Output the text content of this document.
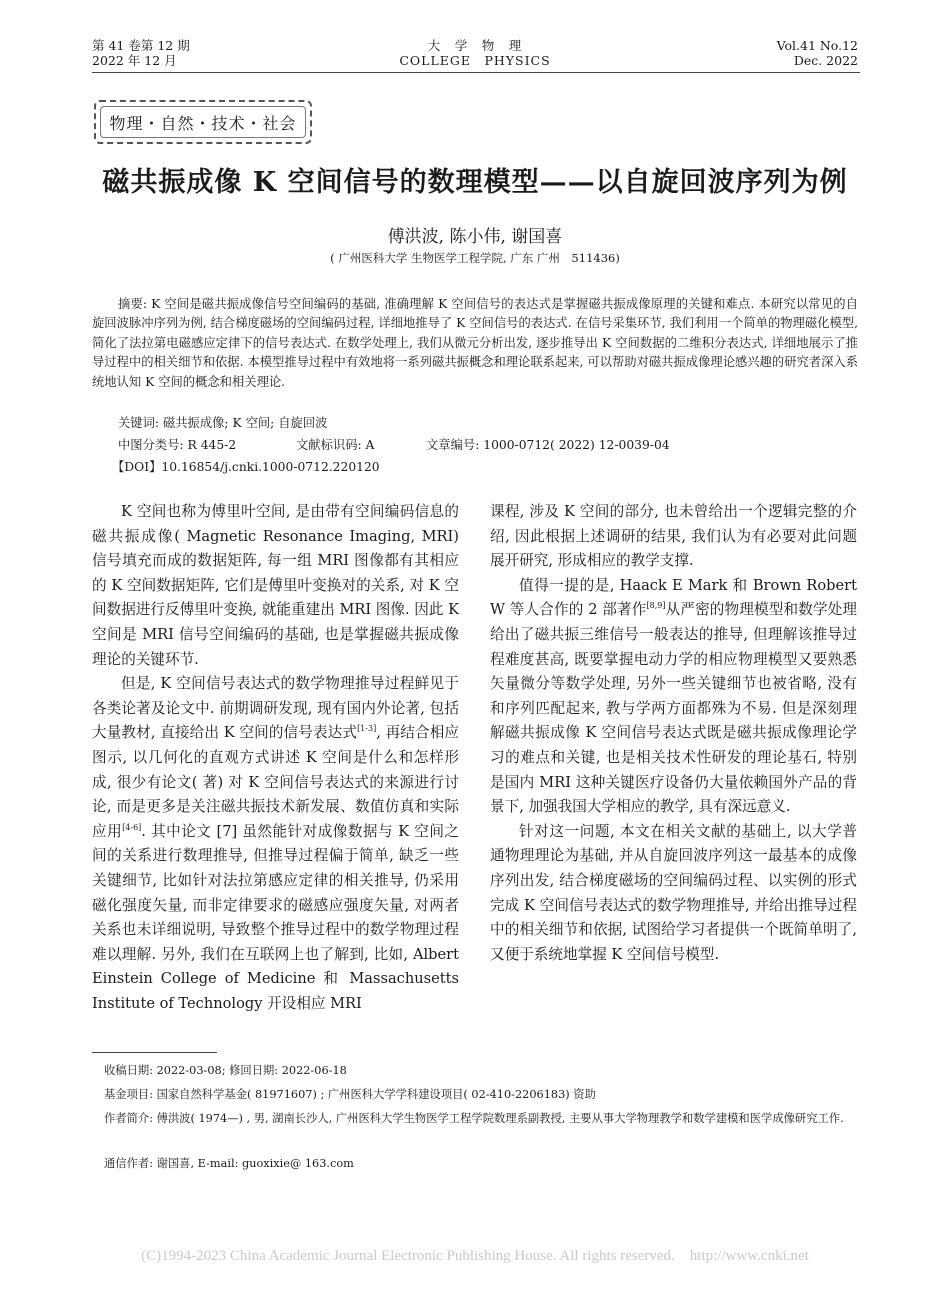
第 41 卷第 12 期
2022 年 12 月
大　学　物　理
COLLEGE　PHYSICS
Vol.41 No.12
Dec. 2022
物理・自然・技术・社会
磁共振成像 K 空间信号的数理模型——以自旋回波序列为例
傅洪波, 陈小伟, 谢国喜
( 广州医科大学 生物医学工程学院, 广东 广州　511436)

摘要: K 空间是磁共振成像信号空间编码的基础, 准确理解 K 空间信号的表达式是掌握磁共振成像原理的关键和难点. 本研究以常见的自旋回波脉冲序列为例, 结合梯度磁场的空间编码过程, 详细地推导了 K 空间信号的表达式. 在信号采集环节, 我们利用一个简单的物理磁化模型, 简化了法拉第电磁感应定律下的信号表达式. 在数学处理上, 我们从微元分析出发, 逐步推导出 K 空间数据的二维积分表达式, 详细地展示了推导过程中的相关细节和依据. 本模型推导过程中有效地将一系列磁共振概念和理论联系起来, 可以帮助对磁共振成像理论感兴趣的研究者深入系统地认知 K 空间的概念和相关理论.

关键词: 磁共振成像; K 空间; 自旋回波
中图分类号: R 445-2	文献标识码: A	文章编号: 1000-0712( 2022) 12-0039-04
【DOI】10.16854/j.cnki.1000-0712.220120

K 空间也称为傅里叶空间, 是由带有空间编码信息的磁共振成像( Magnetic Resonance Imaging, MRI) 信号填充而成的数据矩阵, 每一组 MRI 图像都有其相应的 K 空间数据矩阵, 它们是傅里叶变换对的关系, 对 K 空间数据进行反傅里叶变换, 就能重建出 MRI 图像. 因此 K 空间是 MRI 信号空间编码的基础, 也是掌握磁共振成像理论的关键环节.

但是, K 空间信号表达式的数学物理推导过程鲜见于各类论著及论文中. 前期调研发现, 现有国内外论著, 包括大量教材, 直接给出 K 空间的信号表达式[1-3], 再结合相应图示, 以几何化的直观方式讲述 K 空间是什么和怎样形成, 很少有论文( 著) 对 K 空间信号表达式的来源进行讨论, 而是更多是关注磁共振技术新发展、数值仿真和实际应用[4-6]. 其中论文 [7] 虽然能针对成像数据与 K 空间之间的关系进行数理推导, 但推导过程偏于简单, 缺乏一些关键细节, 比如针对法拉第感应定律的相关推导, 仍采用磁化强度矢量, 而非定律要求的磁感应强度矢量, 对两者关系也未详细说明, 导致整个推导过程中的数学物理过程难以理解. 另外, 我们在互联网上也了解到, 比如, Albert Einstein College of Medicine 和 Massachusetts Institute of Technology 开设相应 MRI

课程, 涉及 K 空间的部分, 也未曾给出一个逻辑完整的介绍, 因此根据上述调研的结果, 我们认为有必要对此问题展开研究, 形成相应的教学支撑.

值得一提的是, Haack E Mark 和 Brown Robert W 等人合作的 2 部著作[8,9]从严密的物理模型和数学处理给出了磁共振三维信号一般表达的推导, 但理解该推导过程难度甚高, 既要掌握电动力学的相应物理模型又要熟悉矢量微分等数学处理, 另外一些关键细节也被省略, 没有和序列匹配起来, 教与学两方面都殊为不易. 但是深刻理解磁共振成像 K 空间信号表达式既是磁共振成像理论学习的难点和关键, 也是相关技术性研发的理论基石, 特别是国内 MRI 这种关键医疗设备仍大量依赖国外产品的背景下, 加强我国大学相应的教学, 具有深远意义.

针对这一问题, 本文在相关文献的基础上, 以大学普通物理理论为基础, 并从自旋回波序列这一最基本的成像序列出发, 结合梯度磁场的空间编码过程、以实例的形式完成 K 空间信号表达式的数学物理推导, 并给出推导过程中的相关细节和依据, 试图给学习者提供一个既简单明了, 又便于系统地掌握 K 空间信号模型.

收稿日期: 2022-03-08; 修回日期: 2022-06-18
基金项目: 国家自然科学基金( 81971607) ; 广州医科大学学科建设项目( 02-410-2206183) 资助
作者简介: 傅洪波( 1974—) , 男, 湖南长沙人, 广州医科大学生物医学工程学院数理系副教授, 主要从事大学物理教学和数学建模和医学成像研究工作.
通信作者: 谢国喜, E-mail: guoxixie@ 163.com
(C)1994-2023 China Academic Journal Electronic Publishing House. All rights reserved.　http://www.cnki.net
